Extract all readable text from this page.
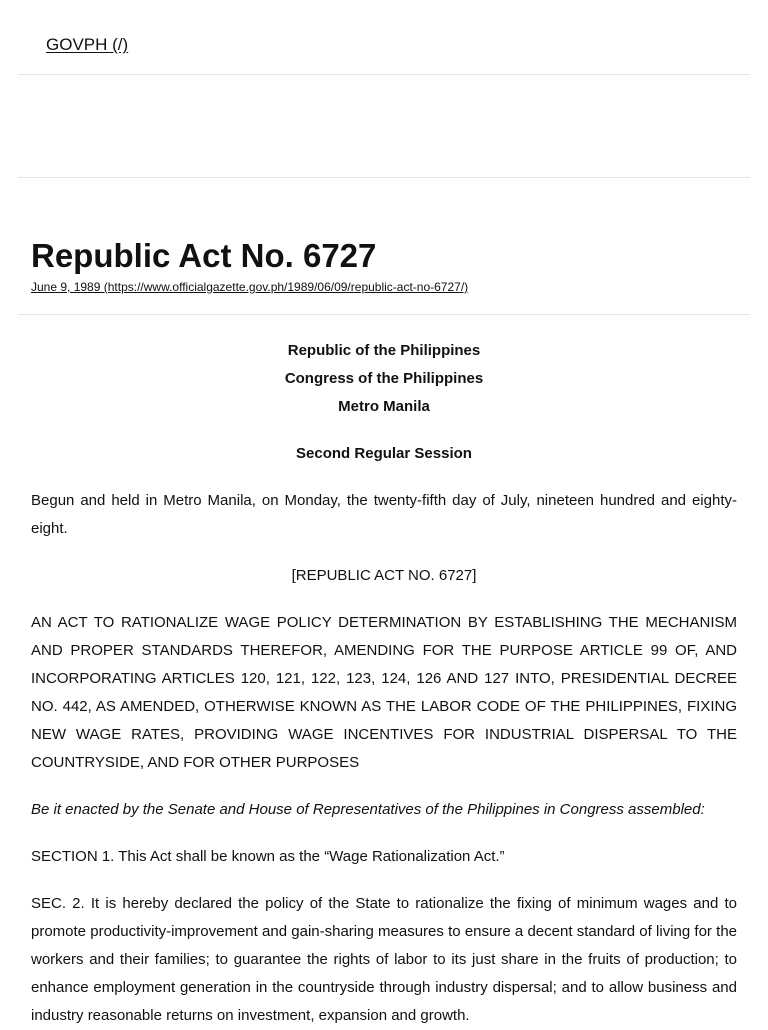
GOVPH (/)
Republic Act No. 6727
June 9, 1989 (https://www.officialgazette.gov.ph/1989/06/09/republic-act-no-6727/)

Republic of the Philippines

Congress of the Philippines

Metro Manila

Second Regular Session

Begun and held in Metro Manila, on Monday, the twenty-fifth day of July, nineteen hundred and eighty-eight.

[REPUBLIC ACT NO. 6727]

AN ACT TO RATIONALIZE WAGE POLICY DETERMINATION BY ESTABLISHING THE MECHANISM AND PROPER STANDARDS THEREFOR, AMENDING FOR THE PURPOSE ARTICLE 99 OF, AND INCORPORATING ARTICLES 120, 121, 122, 123, 124, 126 AND 127 INTO, PRESIDENTIAL DECREE NO. 442, AS AMENDED, OTHERWISE KNOWN AS THE LABOR CODE OF THE PHILIPPINES, FIXING NEW WAGE RATES, PROVIDING WAGE INCENTIVES FOR INDUSTRIAL DISPERSAL TO THE COUNTRYSIDE, AND FOR OTHER PURPOSES

Be it enacted by the Senate and House of Representatives of the Philippines in Congress assembled:

SECTION 1. This Act shall be known as the “Wage Rationalization Act.”

SEC. 2. It is hereby declared the policy of the State to rationalize the fixing of minimum wages and to promote productivity-improvement and gain-sharing measures to ensure a decent standard of living for the workers and their families; to guarantee the rights of labor to its just share in the fruits of production; to enhance employment generation in the countryside through industry dispersal; and to allow business and industry reasonable returns on investment, expansion and growth.
